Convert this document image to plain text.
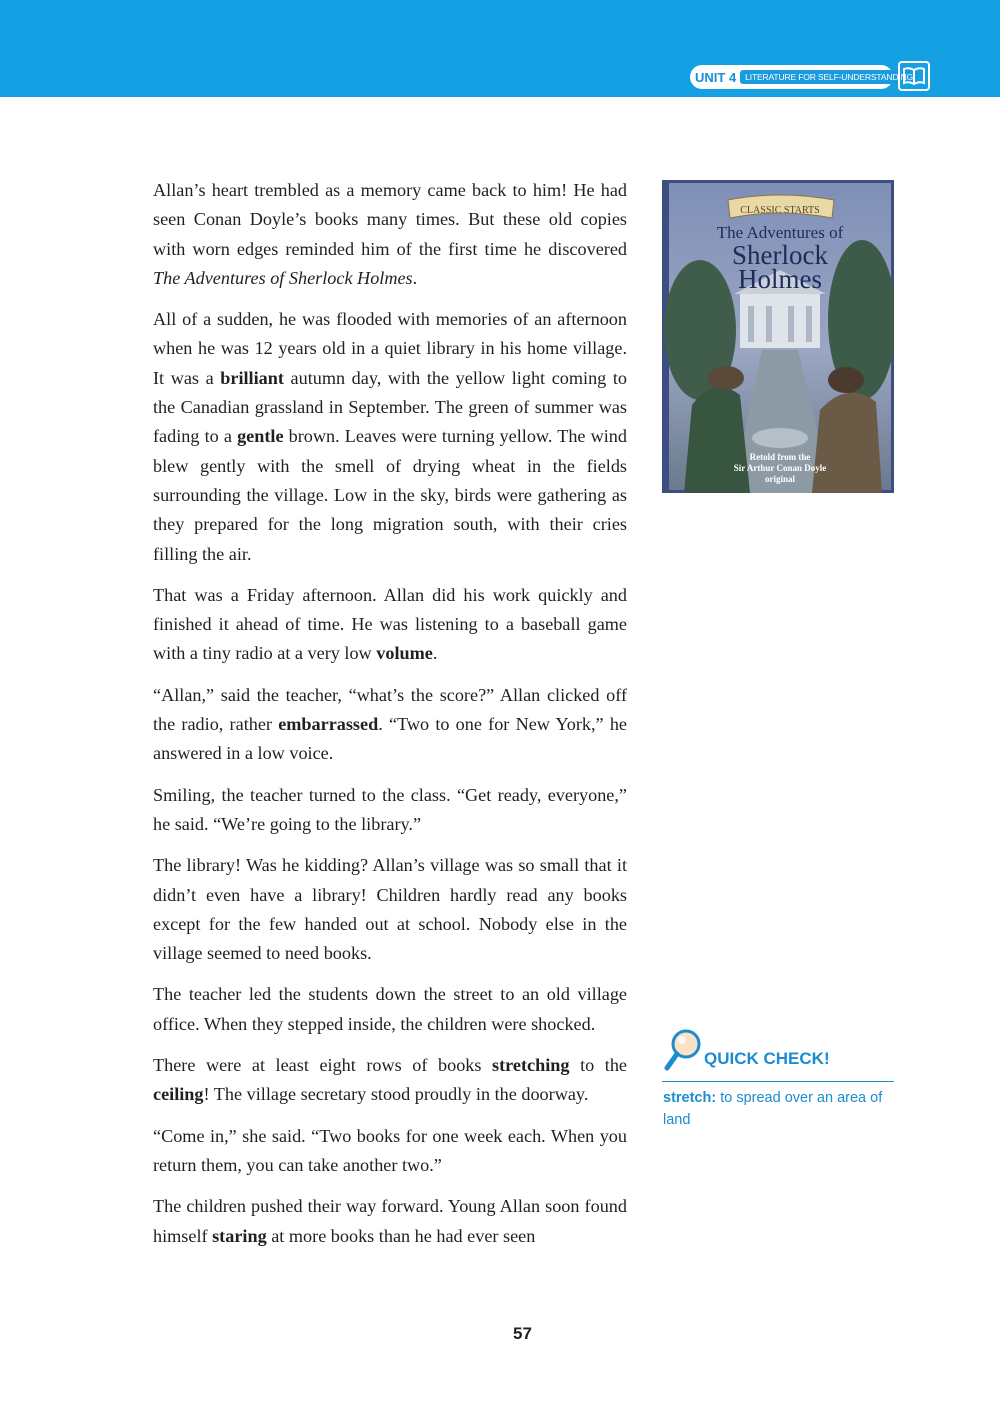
UNIT 4	LITERATURE FOR SELF-UNDERSTANDING

Allan’s heart trembled as a memory came back to him! He had seen Conan Doyle’s books many times. But these old copies with worn edges reminded him of the first time he discovered The Adventures of Sherlock Holmes.

All of a sudden, he was flooded with memories of an afternoon when he was 12 years old in a quiet library in his home village. It was a brilliant autumn day, with the yellow light coming to the Canadian grassland in September. The green of summer was fading to a gentle brown. Leaves were turning yellow. The wind blew gently with the smell of drying wheat in the fields surrounding the village. Low in the sky, birds were gathering as they prepared for the long migration south, with their cries filling the air.

That was a Friday afternoon. Allan did his work quickly and finished it ahead of time. He was listening to a baseball game with a tiny radio at a very low volume.

“Allan,” said the teacher, “what’s the score?” Allan clicked off the radio, rather embarrassed. “Two to one for New York,” he answered in a low voice.

Smiling, the teacher turned to the class. “Get ready, everyone,” he said. “We’re going to the library.”

The library! Was he kidding? Allan’s village was so small that it didn’t even have a library! Children hardly read any books except for the few handed out at school. Nobody else in the village seemed to need books.

The teacher led the students down the street to an old village office. When they stepped inside, the children were shocked.

There were at least eight rows of books stretching to the ceiling! The village secretary stood proudly in the doorway.

“Come in,” she said. “Two books for one week each. When you return them, you can take another two.”

The children pushed their way forward. Young Allan soon found himself staring at more books than he had ever seen

CLASSIC STARTS
The Adventures of
Sherlock
Holmes
Retold from the
Sir Arthur Conan Doyle
original
QUICK CHECK!
stretch: to spread over an area of land
57
